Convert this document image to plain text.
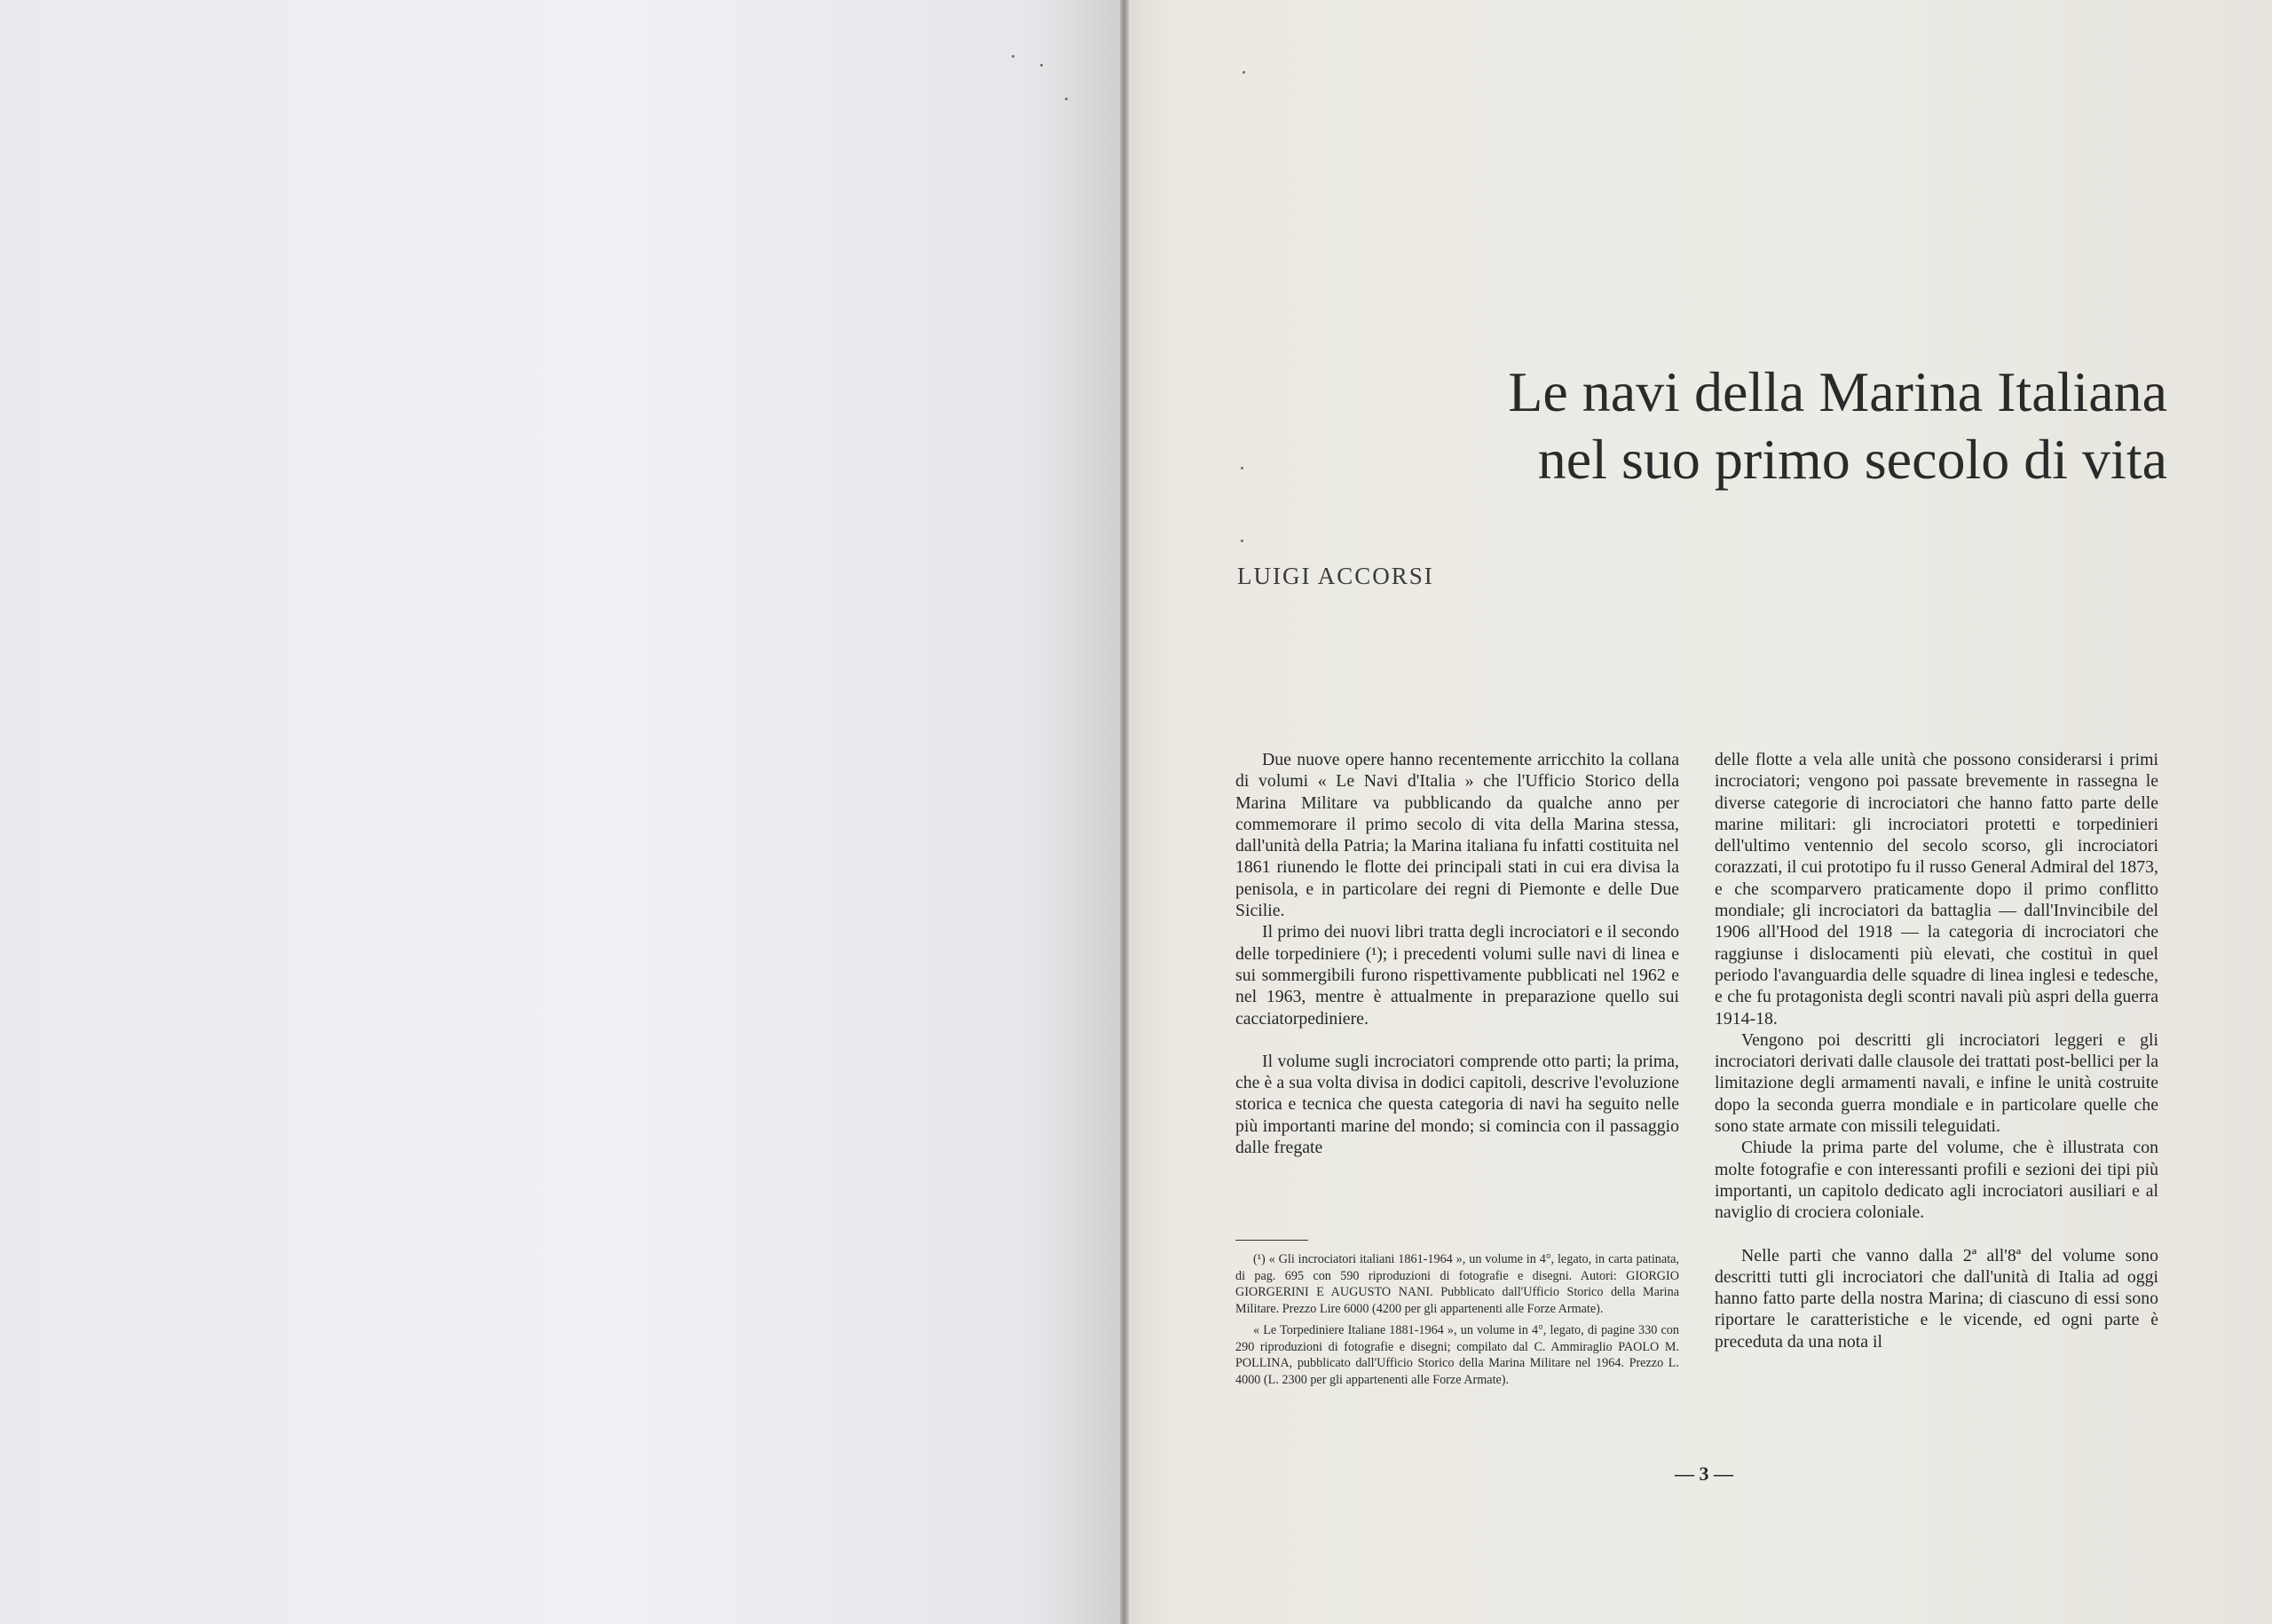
Le navi della Marina Italiana
nel suo primo secolo di vita

LUIGI ACCORSI

Due nuove opere hanno recentemente arricchito la collana di volumi « Le Navi d'Italia » che l'Ufficio Storico della Marina Militare va pubblicando da qualche anno per commemorare il primo secolo di vita della Marina stessa, dall'unità della Patria; la Marina italiana fu infatti costituita nel 1861 riunendo le flotte dei principali stati in cui era divisa la penisola, e in particolare dei regni di Piemonte e delle Due Sicilie.

Il primo dei nuovi libri tratta degli incrociatori e il secondo delle torpediniere (¹); i precedenti volumi sulle navi di linea e sui sommergibili furono rispettivamente pubblicati nel 1962 e nel 1963, mentre è attualmente in preparazione quello sui cacciatorpediniere.

Il volume sugli incrociatori comprende otto parti; la prima, che è a sua volta divisa in dodici capitoli, descrive l'evoluzione storica e tecnica che questa categoria di navi ha seguito nelle più importanti marine del mondo; si comincia con il passaggio dalle fregate

delle flotte a vela alle unità che possono considerarsi i primi incrociatori; vengono poi passate brevemente in rassegna le diverse categorie di incrociatori che hanno fatto parte delle marine militari: gli incrociatori protetti e torpedinieri dell'ultimo ventennio del secolo scorso, gli incrociatori corazzati, il cui prototipo fu il russo General Admiral del 1873, e che scomparvero praticamente dopo il primo conflitto mondiale; gli incrociatori da battaglia — dall'Invincibile del 1906 all'Hood del 1918 — la categoria di incrociatori che raggiunse i dislocamenti più elevati, che costituì in quel periodo l'avanguardia delle squadre di linea inglesi e tedesche, e che fu protagonista degli scontri navali più aspri della guerra 1914-18.

Vengono poi descritti gli incrociatori leggeri e gli incrociatori derivati dalle clausole dei trattati post-bellici per la limitazione degli armamenti navali, e infine le unità costruite dopo la seconda guerra mondiale e in particolare quelle che sono state armate con missili teleguidati.

Chiude la prima parte del volume, che è illustrata con molte fotografie e con interessanti profili e sezioni dei tipi più importanti, un capitolo dedicato agli incrociatori ausiliari e al naviglio di crociera coloniale.

Nelle parti che vanno dalla 2ª all'8ª del volume sono descritti tutti gli incrociatori che dall'unità di Italia ad oggi hanno fatto parte della nostra Marina; di ciascuno di essi sono riportare le caratteristiche e le vicende, ed ogni parte è preceduta da una nota il

(¹) « Gli incrociatori italiani 1861-1964 », un volume in 4°, legato, in carta patinata, di pag. 695 con 590 riproduzioni di fotografie e disegni. Autori: GIORGIO GIORGERINI E AUGUSTO NANI. Pubblicato dall'Ufficio Storico della Marina Militare. Prezzo Lire 6000 (4200 per gli appartenenti alle Forze Armate).

« Le Torpediniere Italiane 1881-1964 », un volume in 4°, legato, di pagine 330 con 290 riproduzioni di fotografie e disegni; compilato dal C. Ammiraglio PAOLO M. POLLINA, pubblicato dall'Ufficio Storico della Marina Militare nel 1964. Prezzo L. 4000 (L. 2300 per gli appartenenti alle Forze Armate).

— 3 —
